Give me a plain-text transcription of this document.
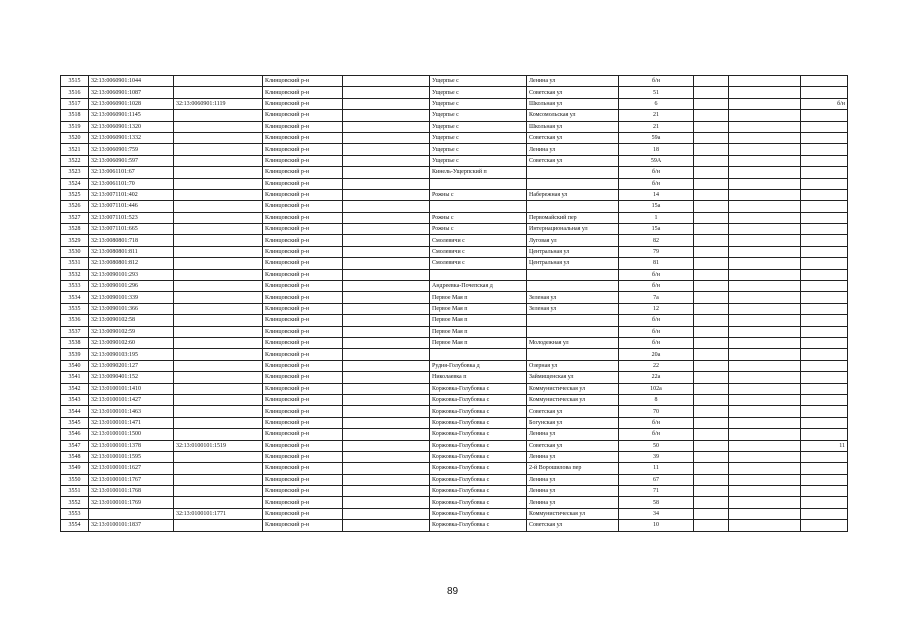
3515	32:13:0060901:1044		Клинцовский р-н		Ущерпье с	Ленина ул	б/н			
3516	32:13:0060901:1087		Клинцовский р-н		Ущерпье с	Советская ул	51			
3517	32:13:0060901:1028	32:13:0060901:1119	Клинцовский р-н		Ущерпье с	Школьная ул	6			б/н
3518	32:13:0060901:1145		Клинцовский р-н		Ущерпье с	Комсомольская ул	21			
3519	32:13:0060901:1320		Клинцовский р-н		Ущерпье с	Школьная ул	21			
3520	32:13:0060901:1332		Клинцовский р-н		Ущерпье с	Советская ул	59а			
3521	32:13:0060901:759		Клинцовский р-н		Ущерпье с	Ленина ул	18			
3522	32:13:0060901:597		Клинцовский р-н		Ущерпье с	Советская ул	59А			
3523	32:13:0061101:67		Клинцовский р-н		Кинель-Ущерпский п		б/н			
3524	32:13:0061101:70		Клинцовский р-н				б/н			
3525	32:13:0071101:402		Клинцовский р-н		Рожны с	Набережная ул	14			
3526	32:13:0071101:446		Клинцовский р-н				15а			
3527	32:13:0071101:523		Клинцовский р-н		Рожны с	Первомайский пер	1			
3528	32:13:0071101:665		Клинцовский р-н		Рожны с	Интернациональная ул	15а			
3529	32:13:0080801:718		Клинцовский р-н		Смолевичи с	Луговая ул	82			
3530	32:13:0080801:811		Клинцовский р-н		Смолевичи с	Центральная ул	79			
3531	32:13:0080801:812		Клинцовский р-н		Смолевичи с	Центральная ул	81			
3532	32:13:0090101:293		Клинцовский р-н				б/н			
3533	32:13:0090101:296		Клинцовский р-н		Андреевка-Почепская д		б/н			
3534	32:13:0090101:339		Клинцовский р-н		Первое Мая п	Зеленая ул	7а			
3535	32:13:0090101:366		Клинцовский р-н		Первое Мая п	Зеленая ул	12			
3536	32:13:0090102:58		Клинцовский р-н		Первое Мая п		б/н			
3537	32:13:0090102:59		Клинцовский р-н		Первое Мая п		б/н			
3538	32:13:0090102:60		Клинцовский р-н		Первое Мая п	Молодежная ул	б/н			
3539	32:13:0090103:195		Клинцовский р-н				20а			
3540	32:13:0090201:127		Клинцовский р-н		Рудня-Голубовка д	Озерная ул	22			
3541	32:13:0090401:152		Клинцовский р-н		Николаевка п	Займищенская ул	22а			
3542	32:13:0100101:1410		Клинцовский р-н		Коржовка-Голубовка с	Коммунистическая ул	102а			
3543	32:13:0100101:1427		Клинцовский р-н		Коржовка-Голубовка с	Коммунистическая ул	8			
3544	32:13:0100101:1463		Клинцовский р-н		Коржовка-Голубовка с	Советская ул	70			
3545	32:13:0100101:1471		Клинцовский р-н		Коржовка-Голубовка с	Богунская ул	б/н			
3546	32:13:0100101:1500		Клинцовский р-н		Коржовка-Голубовка с	Ленина ул	б/н			
3547	32:13:0100101:1378	32:13:0100101:1519	Клинцовский р-н		Коржовка-Голубовка с	Советская ул	50			11
3548	32:13:0100101:1595		Клинцовский р-н		Коржовка-Голубовка с	Ленина ул	39			
3549	32:13:0100101:1627		Клинцовский р-н		Коржовка-Голубовка с	2-й Ворошилова пер	11			
3550	32:13:0100101:1767		Клинцовский р-н		Коржовка-Голубовка с	Ленина ул	67			
3551	32:13:0100101:1768		Клинцовский р-н		Коржовка-Голубовка с	Ленина ул	71			
3552	32:13:0100101:1769		Клинцовский р-н		Коржовка-Голубовка с	Ленина ул	58			
3553		32:13:0100101:1771	Клинцовский р-н		Коржовка-Голубовка с	Коммунистическая ул	34			
3554	32:13:0100101:1837		Клинцовский р-н		Коржовка-Голубовка с	Советская ул	10			
89
